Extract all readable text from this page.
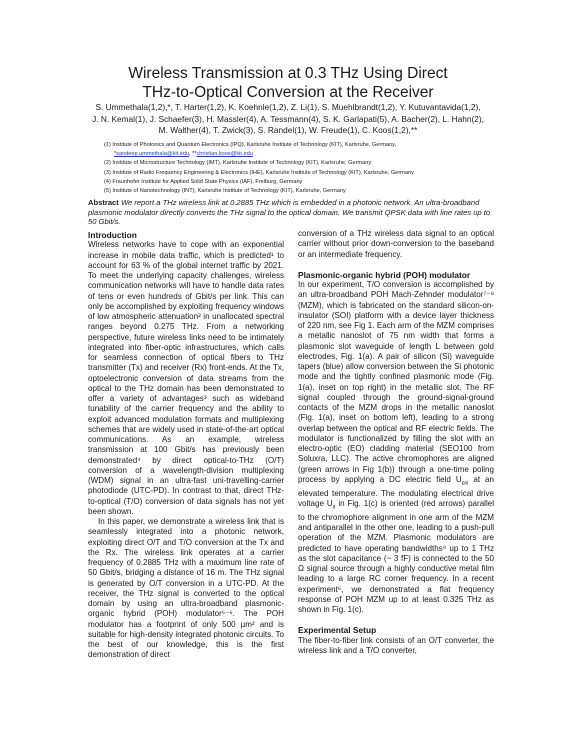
Wireless Transmission at 0.3 THz Using Direct
THz-to-Optical Conversion at the Receiver
S. Ummethala(1,2),*, T. Harter(1,2), K. Koehnle(1,2), Z. Li(1), S. Muehlbrandt(1,2), Y. Kutuvantavida(1,2),
J. N. Kemal(1), J. Schaefer(3), H. Massler(4), A. Tessmann(4), S. K. Garlapati(5), A. Bacher(2), L. Hahn(2),
M. Walther(4), T. Zwick(3), S. Randel(1), W. Freude(1), C. Koos(1,2),**
(1) Institute of Photonics and Quantum Electronics (IPQ), Karlsruhe Institute of Technology (KIT), Karlsruhe, Germany,
*sandeep.ummethala@kit.edu, **christian.koos@kit.edu
(2) Institute of Microstructure Technology (IMT), Karlsruhe Institute of Technology (KIT), Karlsruhe, Germany
(3) Institute of Radio Frequency Engineering & Electronics (IHE), Karlsruhe Institute of Technology (KIT), Karlsruhe, Germany
(4) Fraunhofer Institute for Applied Solid State Physics (IAF), Freiburg, Germany
(5) Institute of Nanotechnology (INT), Karlsruhe Institute of Technology (KIT), Karlsruhe, Germany
Abstract We report a THz wireless link at 0.2885 THz which is embedded in a photonic network. An ultra-broadband plasmonic modulator directly converts the THz signal to the optical domain. We transmit QPSK data with line rates up to 50 Gbit/s.
Introduction

Wireless networks have to cope with an exponential increase in mobile data traffic, which is predicted¹ to account for 63 % of the global internet traffic by 2021. To meet the underlying capacity challenges, wireless communication networks will have to handle data rates of tens or even hundreds of Gbit/s per link. This can only be accomplished by exploiting frequency windows of low atmospheric attenuation² in unallocated spectral ranges beyond 0.275 THz. From a networking perspective, future wireless links need to be intimately integrated into fiber-optic infrastructures, which calls for seamless connection of optical fibers to THz transmitter (Tx) and receiver (Rx) front-ends. At the Tx, optoelectronic conversion of data streams from the optical to the THz domain has been demonstrated to offer a variety of advantages³ such as wideband tunability of the carrier frequency and the ability to exploit advanced modulation formats and multiplexing schemes that are widely used in state-of-the-art optical communications. As an example, wireless transmission at 100 Gbit/s has previously been demonstrated⁴ by direct optical-to-THz (O/T) conversion of a wavelength-division multiplexing (WDM) signal in an ultra-fast uni-travelling-carrier photodiode (UTC-PD). In contrast to that, direct THz-to-optical (T/O) conversion of data signals has not yet been shown.

In this paper, we demonstrate a wireless link that is seamlessly integrated into a photonic network, exploiting direct O/T and T/O conversion at the Tx and the Rx. The wireless link operates at a carrier frequency of 0.2885 THz with a maximum line rate of 50 Gbit/s, bridging a distance of 16 m. The THz signal is generated by O/T conversion in a UTC-PD. At the receiver, the THz signal is converted to the optical domain by using an ultra-broadband plasmonic-organic hybrid (POH) modulator⁵⁻⁶. The POH modulator has a footprint of only 500 µm² and is suitable for high-density integrated photonic circuits. To the best of our knowledge, this is the first demonstration of direct

conversion of a THz wireless data signal to an optical carrier without prior down-conversion to the baseband or an intermediate frequency.

Plasmonic-organic hybrid (POH) modulator

In our experiment, T/O conversion is accomplished by an ultra-broadband POH Mach-Zehnder modulator⁷⁻⁸ (MZM), which is fabricated on the standard silicon-on-insulator (SOI) platform with a device layer thickness of 220 nm, see Fig 1. Each arm of the MZM comprises a metallic nanoslot of 75 nm width that forms a plasmonic slot waveguide of length L between gold electrodes, Fig. 1(a). A pair of silicon (Si) waveguide tapers (blue) allow conversion between the Si photonic mode and the tightly confined plasmonic mode (Fig. 1(a), inset on top right) in the metallic slot. The RF signal coupled through the ground-signal-ground contacts of the MZM drops in the metallic nanoslot (Fig. 1(a), inset on bottom left), leading to a strong overlap between the optical and RF electric fields. The modulator is functionalized by filling the slot with an electro-optic (EO) cladding material (SEO100 from Soluxra, LLC). The active chromophores are aligned (green arrows in Fig 1(b)) through a one-time poling process by applying a DC electric field $U_{pol}$ at an elevated temperature. The modulating electrical drive voltage $U_d$ in Fig. 1(c) is oriented (red arrows) parallel to the chromophore alignment in one arm of the MZM and antiparallel in the other one, leading to a push-pull operation of the MZM. Plasmonic modulators are predicted to have operating bandwidths⁸ up to 1 THz as the slot capacitance (~ 3 fF) is connected to the 50 Ω signal source through a highly conductive metal film leading to a large RC corner frequency. In a recent experiment⁶, we demonstrated a flat frequency response of POH MZM up to at least 0.325 THz as shown in Fig. 1(c).

Experimental Setup

The fiber-to-fiber link consists of an O/T converter, the wireless link and a T/O converter,
